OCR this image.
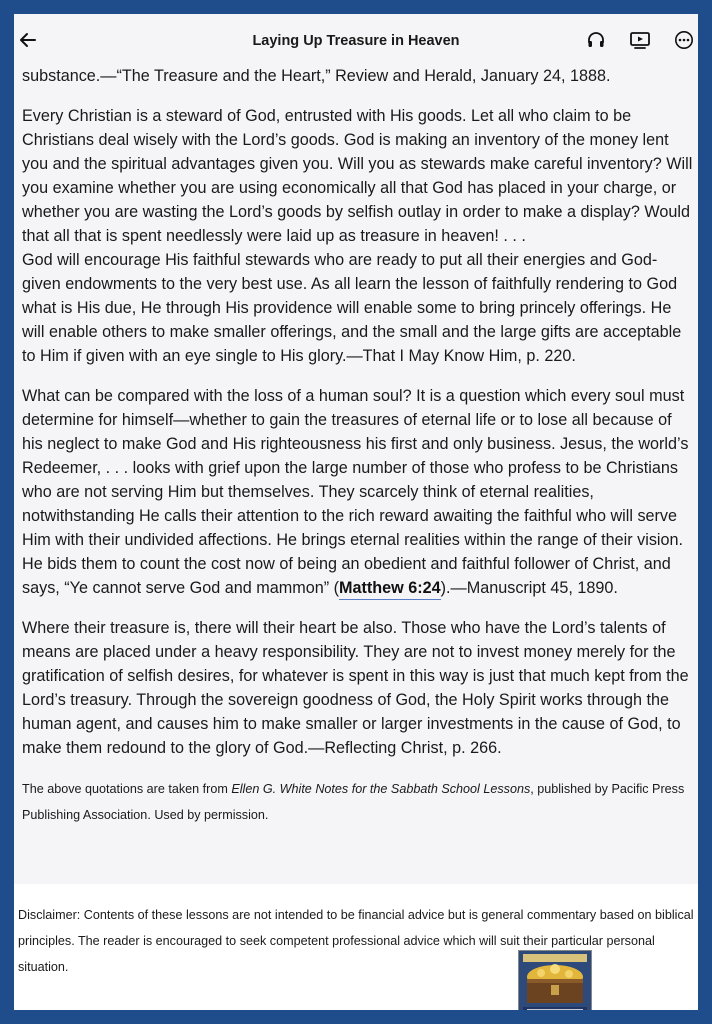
Laying Up Treasure in Heaven

substance.—“The Treasure and the Heart,” Review and Herald, January 24, 1888.

Every Christian is a steward of God, entrusted with His goods. Let all who claim to be Christians deal wisely with the Lord’s goods. God is making an inventory of the money lent you and the spiritual advantages given you. Will you as stewards make careful inventory? Will you examine whether you are using economically all that God has placed in your charge, or whether you are wasting the Lord’s goods by selfish outlay in order to make a display? Would that all that is spent needlessly were laid up as treasure in heaven! . . .

God will encourage His faithful stewards who are ready to put all their energies and God-given endowments to the very best use. As all learn the lesson of faithfully rendering to God what is His due, He through His providence will enable some to bring princely offerings. He will enable others to make smaller offerings, and the small and the large gifts are acceptable to Him if given with an eye single to His glory.—That I May Know Him, p. 220.

What can be compared with the loss of a human soul? It is a question which every soul must determine for himself—whether to gain the treasures of eternal life or to lose all because of his neglect to make God and His righteousness his first and only business. Jesus, the world’s Redeemer, . . . looks with grief upon the large number of those who profess to be Christians who are not serving Him but themselves. They scarcely think of eternal realities, notwithstanding He calls their attention to the rich reward awaiting the faithful who will serve Him with their undivided affections. He brings eternal realities within the range of their vision. He bids them to count the cost now of being an obedient and faithful follower of Christ, and says, “Ye cannot serve God and mammon” (Matthew 6:24).—Manuscript 45, 1890.

Where their treasure is, there will their heart be also. Those who have the Lord’s talents of means are placed under a heavy responsibility. They are not to invest money merely for the gratification of selfish desires, for whatever is spent in this way is just that much kept from the Lord’s treasury. Through the sovereign goodness of God, the Holy Spirit works through the human agent, and causes him to make smaller or larger investments in the cause of God, to make them redound to the glory of God.—Reflecting Christ, p. 266.

The above quotations are taken from Ellen G. White Notes for the Sabbath School Lessons, published by Pacific Press Publishing Association. Used by permission.
Disclaimer: Contents of these lessons are not intended to be financial advice but is general commentary based on biblical principles. The reader is encouraged to seek competent professional advice which will suit their particular personal situation.
